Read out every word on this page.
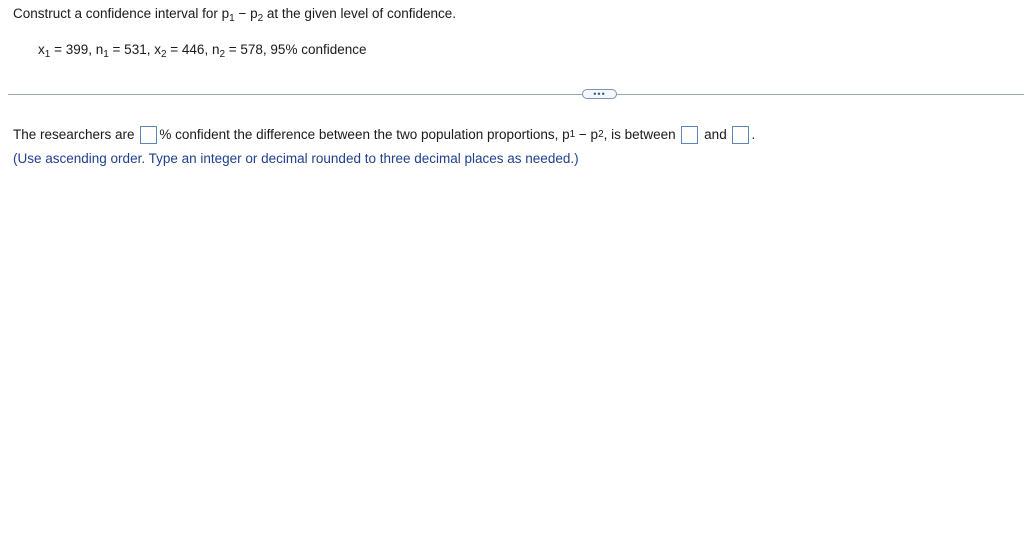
Construct a confidence interval for $p_1 - p_2$ at the given level of confidence.
$x_1 = 399$, $n_1 = 531$, $x_2 = 446$, $n_2 = 578$, 95% confidence
•••
The researchers are % confident the difference between the two population proportions, p 1 − p 2 , is between and .
(Use ascending order. Type an integer or decimal rounded to three decimal places as needed.)
